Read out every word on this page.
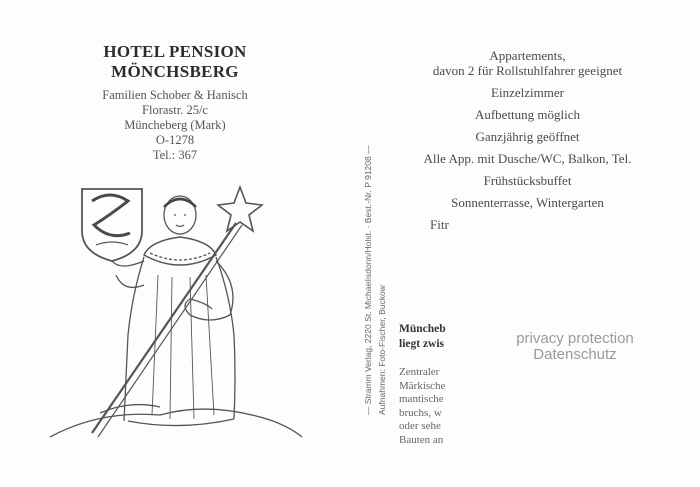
HOTEL PENSION MÖNCHSBERG
Familien Schober & Hanisch
Florastr. 25/c
Müncheberg (Mark)
O-1278
Tel.: 367	— Stramm Verlag, 2220 St. Michaelisdonn/Holst. · Best.-Nr. P 91208 — Aufnahmen: Foto-Fischer, Buckow
Appartements,
davon 2 für Rollstuhlfahrer geeignet
Einzelzimmer
Aufbettung möglich
Ganzjährig geöffnet
Alle App. mit Dusche/WC, Balkon, Tel.
Frühstücksbuffet
Sonnenterrasse, Wintergarten
Fitr
Müncheb
liegt zwis
Zentraler
Märkische
mantische
bruchs, w
oder sehe
Bauten an
privacy protection
Datenschutz
